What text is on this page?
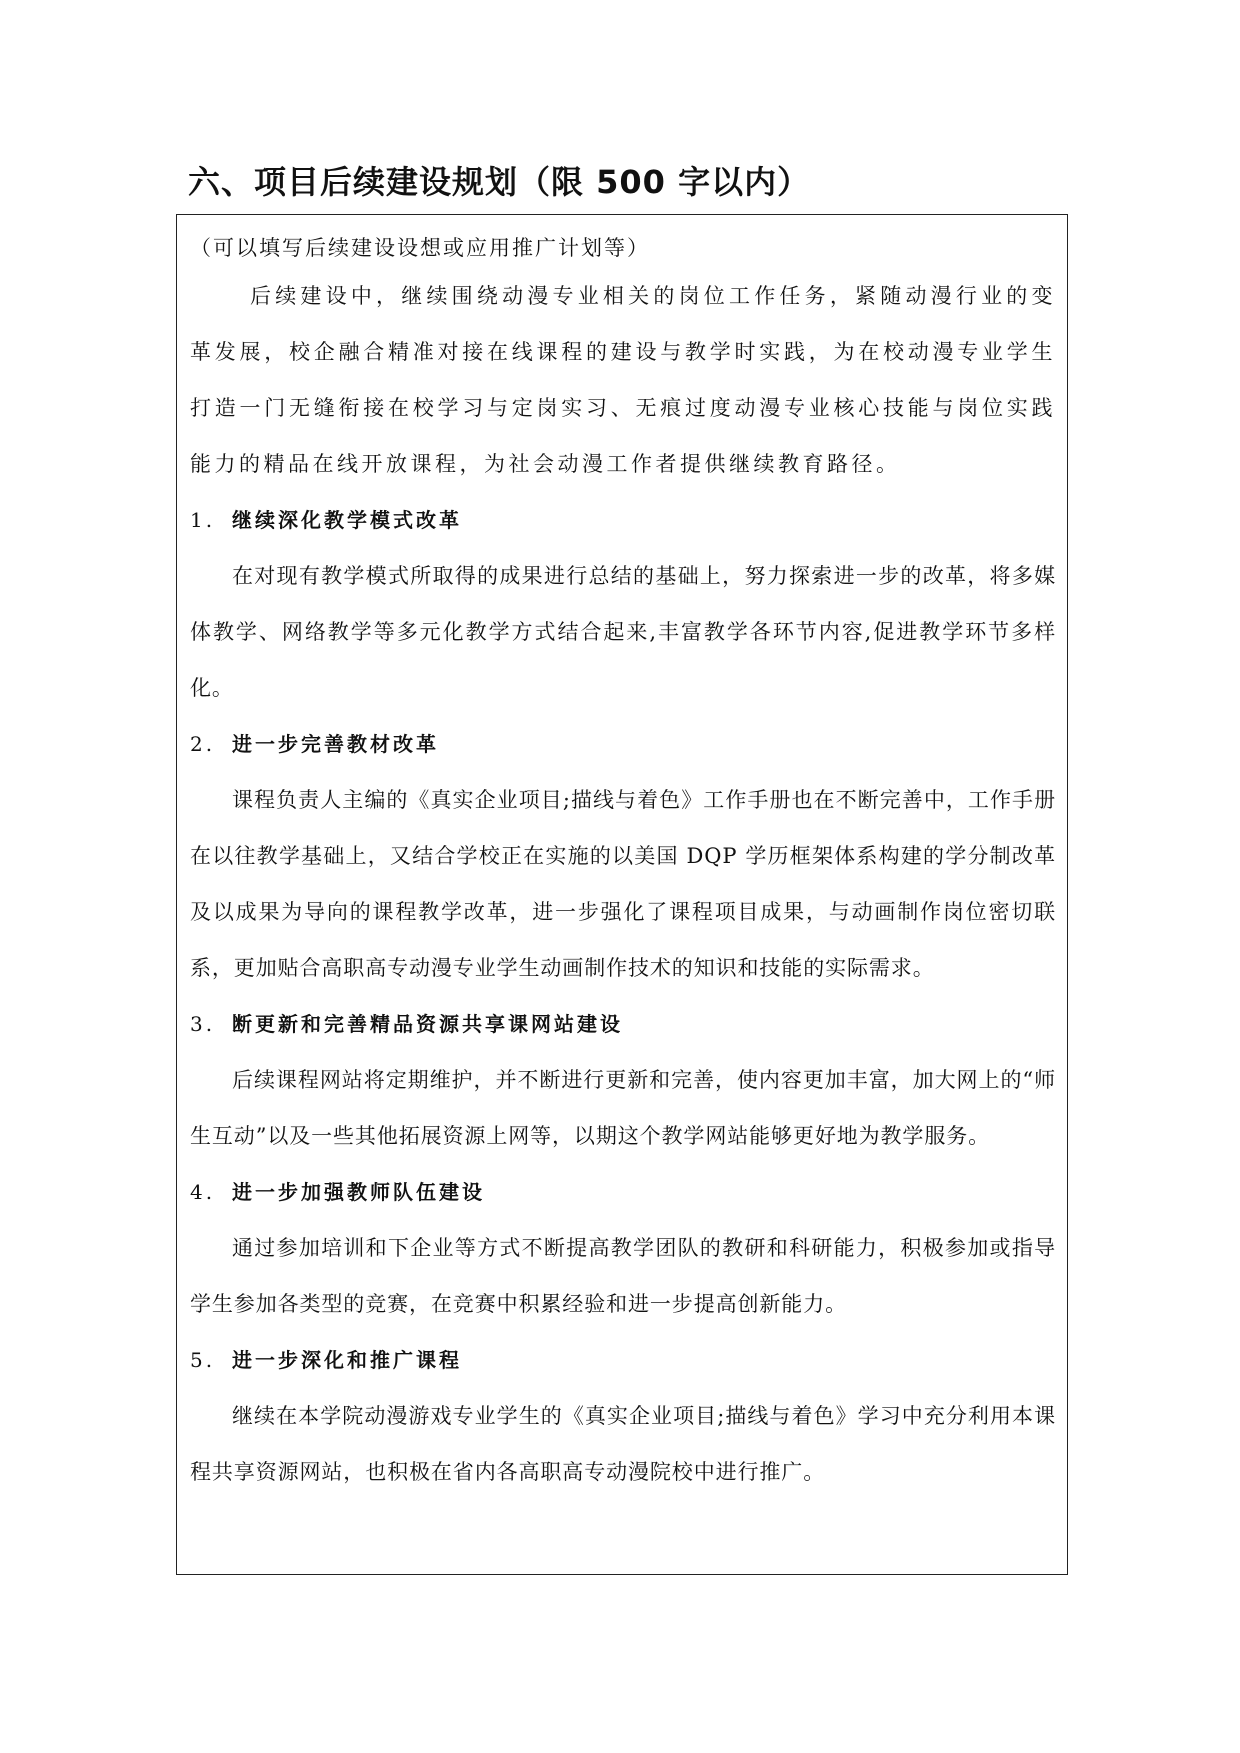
六、项目后续建设规划（限 500 字以内）

（可以填写后续建设设想或应用推广计划等）

后续建设中，继续围绕动漫专业相关的岗位工作任务，紧随动漫行业的变革发展，校企融合精准对接在线课程的建设与教学时实践，为在校动漫专业学生打造一门无缝衔接在校学习与定岗实习、无痕过度动漫专业核心技能与岗位实践能力的精品在线开放课程，为社会动漫工作者提供继续教育路径。

1. 继续深化教学模式改革

在对现有教学模式所取得的成果进行总结的基础上，努力探索进一步的改革，将多媒体教学、网络教学等多元化教学方式结合起来,丰富教学各环节内容,促进教学环节多样化。

2. 进一步完善教材改革

课程负责人主编的《真实企业项目;描线与着色》工作手册也在不断完善中，工作手册在以往教学基础上，又结合学校正在实施的以美国 DQP 学历框架体系构建的学分制改革及以成果为导向的课程教学改革，进一步强化了课程项目成果，与动画制作岗位密切联系，更加贴合高职高专动漫专业学生动画制作技术的知识和技能的实际需求。

3. 断更新和完善精品资源共享课网站建设

后续课程网站将定期维护，并不断进行更新和完善，使内容更加丰富，加大网上的“师生互动”以及一些其他拓展资源上网等，以期这个教学网站能够更好地为教学服务。

4. 进一步加强教师队伍建设

通过参加培训和下企业等方式不断提高教学团队的教研和科研能力，积极参加或指导学生参加各类型的竞赛，在竞赛中积累经验和进一步提高创新能力。

5. 进一步深化和推广课程

继续在本学院动漫游戏专业学生的《真实企业项目;描线与着色》学习中充分利用本课程共享资源网站，也积极在省内各高职高专动漫院校中进行推广。
